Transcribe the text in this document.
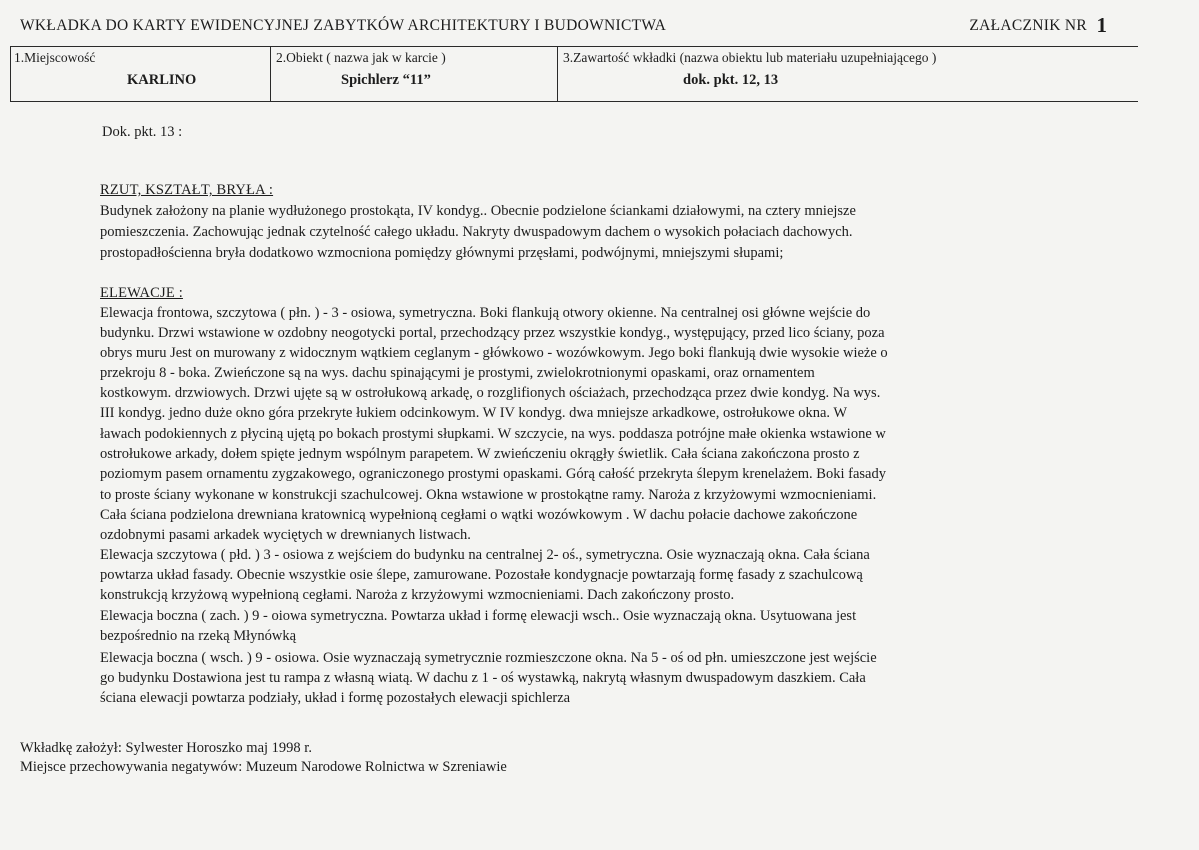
WKŁADKA DO KARTY EWIDENCYJNEJ ZABYTKÓW ARCHITEKTURY I BUDOWNICTWA	ZAŁACZNIK NR 1
1.Miejscowość
KARLINO
2.Obiekt ( nazwa jak w karcie )
Spichlerz “11”
3.Zawartość wkładki (nazwa obiektu lub materiału uzupełniającego )
dok. pkt. 12, 13
Dok. pkt. 13 :
RZUT, KSZTAŁT, BRYŁA :
Budynek założony na planie wydłużonego prostokąta, IV kondyg.. Obecnie podzielone ściankami działowymi, na cztery mniejsze
pomieszczenia. Zachowując jednak czytelność całego układu. Nakryty dwuspadowym dachem o wysokich połaciach dachowych.
prostopadłościenna bryła dodatkowo wzmocniona pomiędzy głównymi przęsłami, podwójnymi, mniejszymi słupami;
ELEWACJE :
Elewacja frontowa, szczytowa ( płn. ) - 3 - osiowa, symetryczna. Boki flankują otwory okienne. Na centralnej osi główne wejście do
budynku. Drzwi wstawione w ozdobny neogotycki portal, przechodzący przez wszystkie kondyg., występujący, przed lico ściany, poza
obrys muru Jest on murowany z widocznym wątkiem ceglanym - główkowo - wozówkowym. Jego boki flankują dwie wysokie wieże o
przekroju 8 - boka. Zwieńczone są na wys. dachu spinającymi je prostymi, zwielokrotnionymi opaskami, oraz ornamentem
kostkowym. drzwiowych. Drzwi ujęte są w ostrołukową arkadę, o rozglifionych ościażach, przechodząca przez dwie kondyg. Na wys.
III kondyg. jedno duże okno góra przekryte łukiem odcinkowym. W IV kondyg. dwa mniejsze arkadkowe, ostrołukowe okna. W
ławach podokiennych z płyciną ujętą po bokach prostymi słupkami. W szczycie, na wys. poddasza potrójne małe okienka wstawione w
ostrołukowe arkady, dołem spięte jednym wspólnym parapetem. W zwieńczeniu okrągły świetlik. Cała ściana zakończona prosto z
poziomym pasem ornamentu zygzakowego, ograniczonego prostymi opaskami. Górą całość przekryta ślepym krenelażem. Boki fasady
to proste ściany wykonane w konstrukcji szachulcowej. Okna wstawione w prostokątne ramy. Naroża z krzyżowymi wzmocnieniami.
Cała ściana podzielona drewniana kratownicą wypełnioną cegłami o wątki wozówkowym . W dachu połacie dachowe zakończone
ozdobnymi pasami arkadek wyciętych w drewnianych listwach.
Elewacja szczytowa ( płd. ) 3 - osiowa z wejściem do budynku na centralnej 2- oś., symetryczna. Osie wyznaczają okna. Cała ściana
powtarza układ fasady. Obecnie wszystkie osie ślepe, zamurowane. Pozostałe kondygnacje powtarzają formę fasady z szachulcową
konstrukcją krzyżową wypełnioną cegłami. Naroża z krzyżowymi wzmocnieniami. Dach zakończony prosto.
Elewacja boczna ( zach. ) 9 - oiowa symetryczna. Powtarza układ i formę elewacji wsch.. Osie wyznaczają okna. Usytuowana jest
bezpośrednio na rzeką Młynówką
Elewacja boczna ( wsch. ) 9 - osiowa. Osie wyznaczają symetrycznie rozmieszczone okna. Na 5 - oś od płn. umieszczone jest wejście
go budynku Dostawiona jest tu rampa z własną wiatą. W dachu z 1 - oś wystawką, nakrytą własnym dwuspadowym daszkiem. Cała
ściana elewacji powtarza podziały, układ i formę pozostałych elewacji spichlerza
Wkładkę założył: Sylwester Horoszko maj 1998 r.
Miejsce przechowywania negatywów: Muzeum Narodowe Rolnictwa w Szreniawie
